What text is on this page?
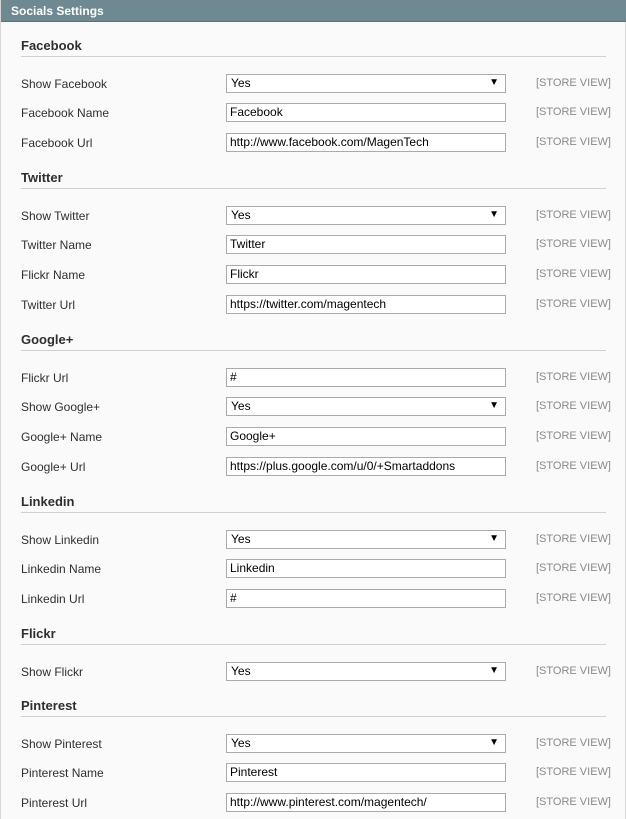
Socials Settings
Facebook
Show Facebook	Yes	▼	[STORE VIEW]
Facebook Name	Facebook	[STORE VIEW]
Facebook Url	http://www.facebook.com/MagenTech	[STORE VIEW]
Twitter
Show Twitter	Yes	▼	[STORE VIEW]
Twitter Name	Twitter	[STORE VIEW]
Flickr Name	Flickr	[STORE VIEW]
Twitter Url	https://twitter.com/magentech	[STORE VIEW]
Google+
Flickr Url	#	[STORE VIEW]
Show Google+	Yes	▼	[STORE VIEW]
Google+ Name	Google+	[STORE VIEW]
Google+ Url	https://plus.google.com/u/0/+Smartaddons	[STORE VIEW]
Linkedin
Show Linkedin	Yes	▼	[STORE VIEW]
Linkedin Name	Linkedin	[STORE VIEW]
Linkedin Url	#	[STORE VIEW]
Flickr
Show Flickr	Yes	▼	[STORE VIEW]
Pinterest
Show Pinterest	Yes	▼	[STORE VIEW]
Pinterest Name	Pinterest	[STORE VIEW]
Pinterest Url	http://www.pinterest.com/magentech/	[STORE VIEW]
